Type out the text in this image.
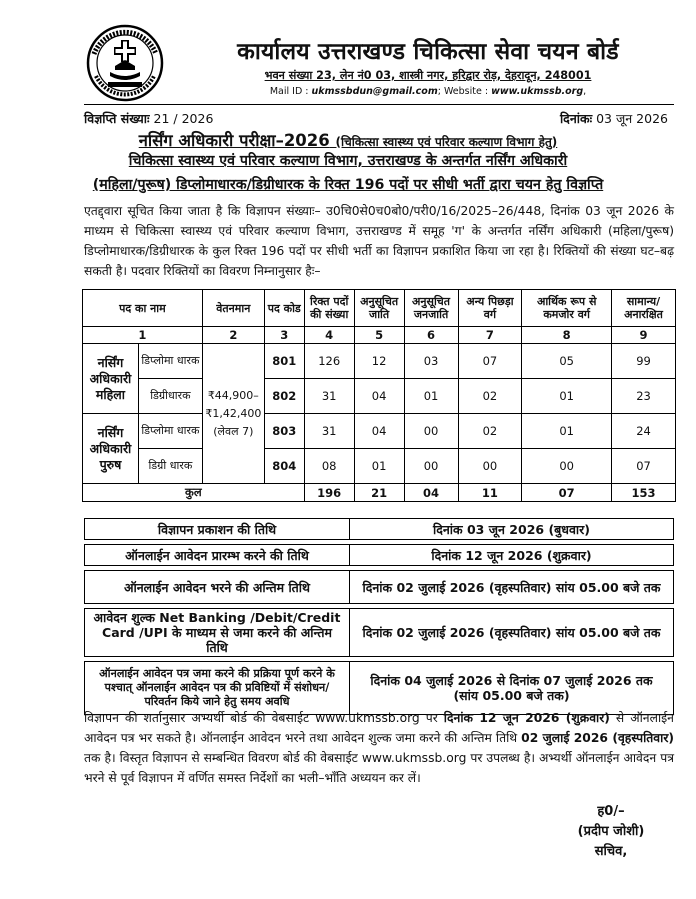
कार्यालय उत्तराखण्ड चिकित्सा सेवा चयन बोर्ड
भवन संख्या 23, लेन नं0 03, शास्त्री नगर, हरिद्वार रोड़, देहरादून, 248001
Mail ID : ukmssbdun@gmail.com; Website : www.ukmssb.org,
विज्ञप्ति संख्याः 21 / 2026	दिनांकः 03 जून 2026
नर्सिंग अधिकारी परीक्षा–2026 (चिकित्सा स्वास्थ्य एवं परिवार कल्याण विभाग हेतु)
चिकित्सा स्वास्थ्य एवं परिवार कल्याण विभाग, उत्तराखण्ड के अन्तर्गत नर्सिंग अधिकारी
(महिला/पुरूष) डिप्लोमाधारक/डिग्रीधारक के रिक्त 196 पदों पर सीधी भर्ती द्वारा चयन हेतु विज्ञप्ति
एतद्द्वारा सूचित किया जाता है कि विज्ञापन संख्याः– उ0चि0से0च0बो0/परी0/16/2025–26/448, दिनांक 03 जून 2026 के माध्यम से चिकित्सा स्वास्थ्य एवं परिवार कल्याण विभाग, उत्तराखण्ड में समूह 'ग' के अन्तर्गत नर्सिंग अधिकारी (महिला/पुरूष) डिप्लोमाधारक/डिग्रीधारक के कुल रिक्त 196 पदों पर सीधी भर्ती का विज्ञापन प्रकाशित किया जा रहा है। रिक्तियों की संख्या घट–बढ़ सकती है। पदवार रिक्तियों का विवरण निम्नानुसार हैः–
पद का नाम		वेतनमान	पद कोड	रिक्त पदों की संख्या	अनुसूचित जाति	अनुसूचित जनजाति	अन्य पिछड़ा वर्ग	आर्थिक रूप से कमजोर वर्ग	सामान्य/ अनारक्षित
1		2	3	4	5	6	7	8	9
नर्सिंग अधिकारी महिला	डिप्लोमा धारक	₹44,900– ₹1,42,400 (लेवल 7)	801	126	12	03	07	05	99
	डिग्रीधारक		802	31	04	01	02	01	23
नर्सिंग अधिकारी पुरुष	डिप्लोमा धारक		803	31	04	00	02	01	24
	डिग्री धारक		804	08	01	00	00	00	07
कुल				196	21	04	11	07	153
विज्ञापन प्रकाशन की तिथि	दिनांक 03 जून 2026 (बुधवार)

ऑनलाईन आवेदन प्रारम्भ करने की तिथि	दिनांक 12 जून 2026 (शुक्रवार)

ऑनलाईन आवेदन भरने की अन्तिम तिथि	दिनांक 02 जुलाई 2026 (वृहस्पतिवार) सांय 05.00 बजे तक

आवेदन शुल्क Net Banking /Debit/Credit Card /UPI के माध्यम से जमा करने की अन्तिम तिथि	दिनांक 02 जुलाई 2026 (वृहस्पतिवार) सांय 05.00 बजे तक

ऑनलाईन आवेदन पत्र जमा करने की प्रक्रिया पूर्ण करने के पश्चात् ऑनलाईन आवेदन पत्र की प्रविष्टियों में संशोधन/परिवर्तन किये जाने हेतु समय अवधि	दिनांक 04 जुलाई 2026 से दिनांक 07 जुलाई 2026 तक (सांय 05.00 बजे तक)
विज्ञापन की शर्तानुसार अभ्यर्थी बोर्ड की वेबसाईट www.ukmssb.org पर दिनांक 12 जून 2026 (शुक्रवार) से ऑनलाईन आवेदन पत्र भर सकते है। ऑनलाईन आवेदन भरने तथा आवेदन शुल्क जमा करने की अन्तिम तिथि 02 जुलाई 2026 (वृहस्पतिवार) तक है। विस्तृत विज्ञापन से सम्बन्धित विवरण बोर्ड की वेबसाईट www.ukmssb.org पर उपलब्ध है। अभ्यर्थी ऑनलाईन आवेदन पत्र भरने से पूर्व विज्ञापन में वर्णित समस्त निर्देशों का भली–भाँति अध्ययन कर लें।
ह0/–
(प्रदीप जोशी)
सचिव,
